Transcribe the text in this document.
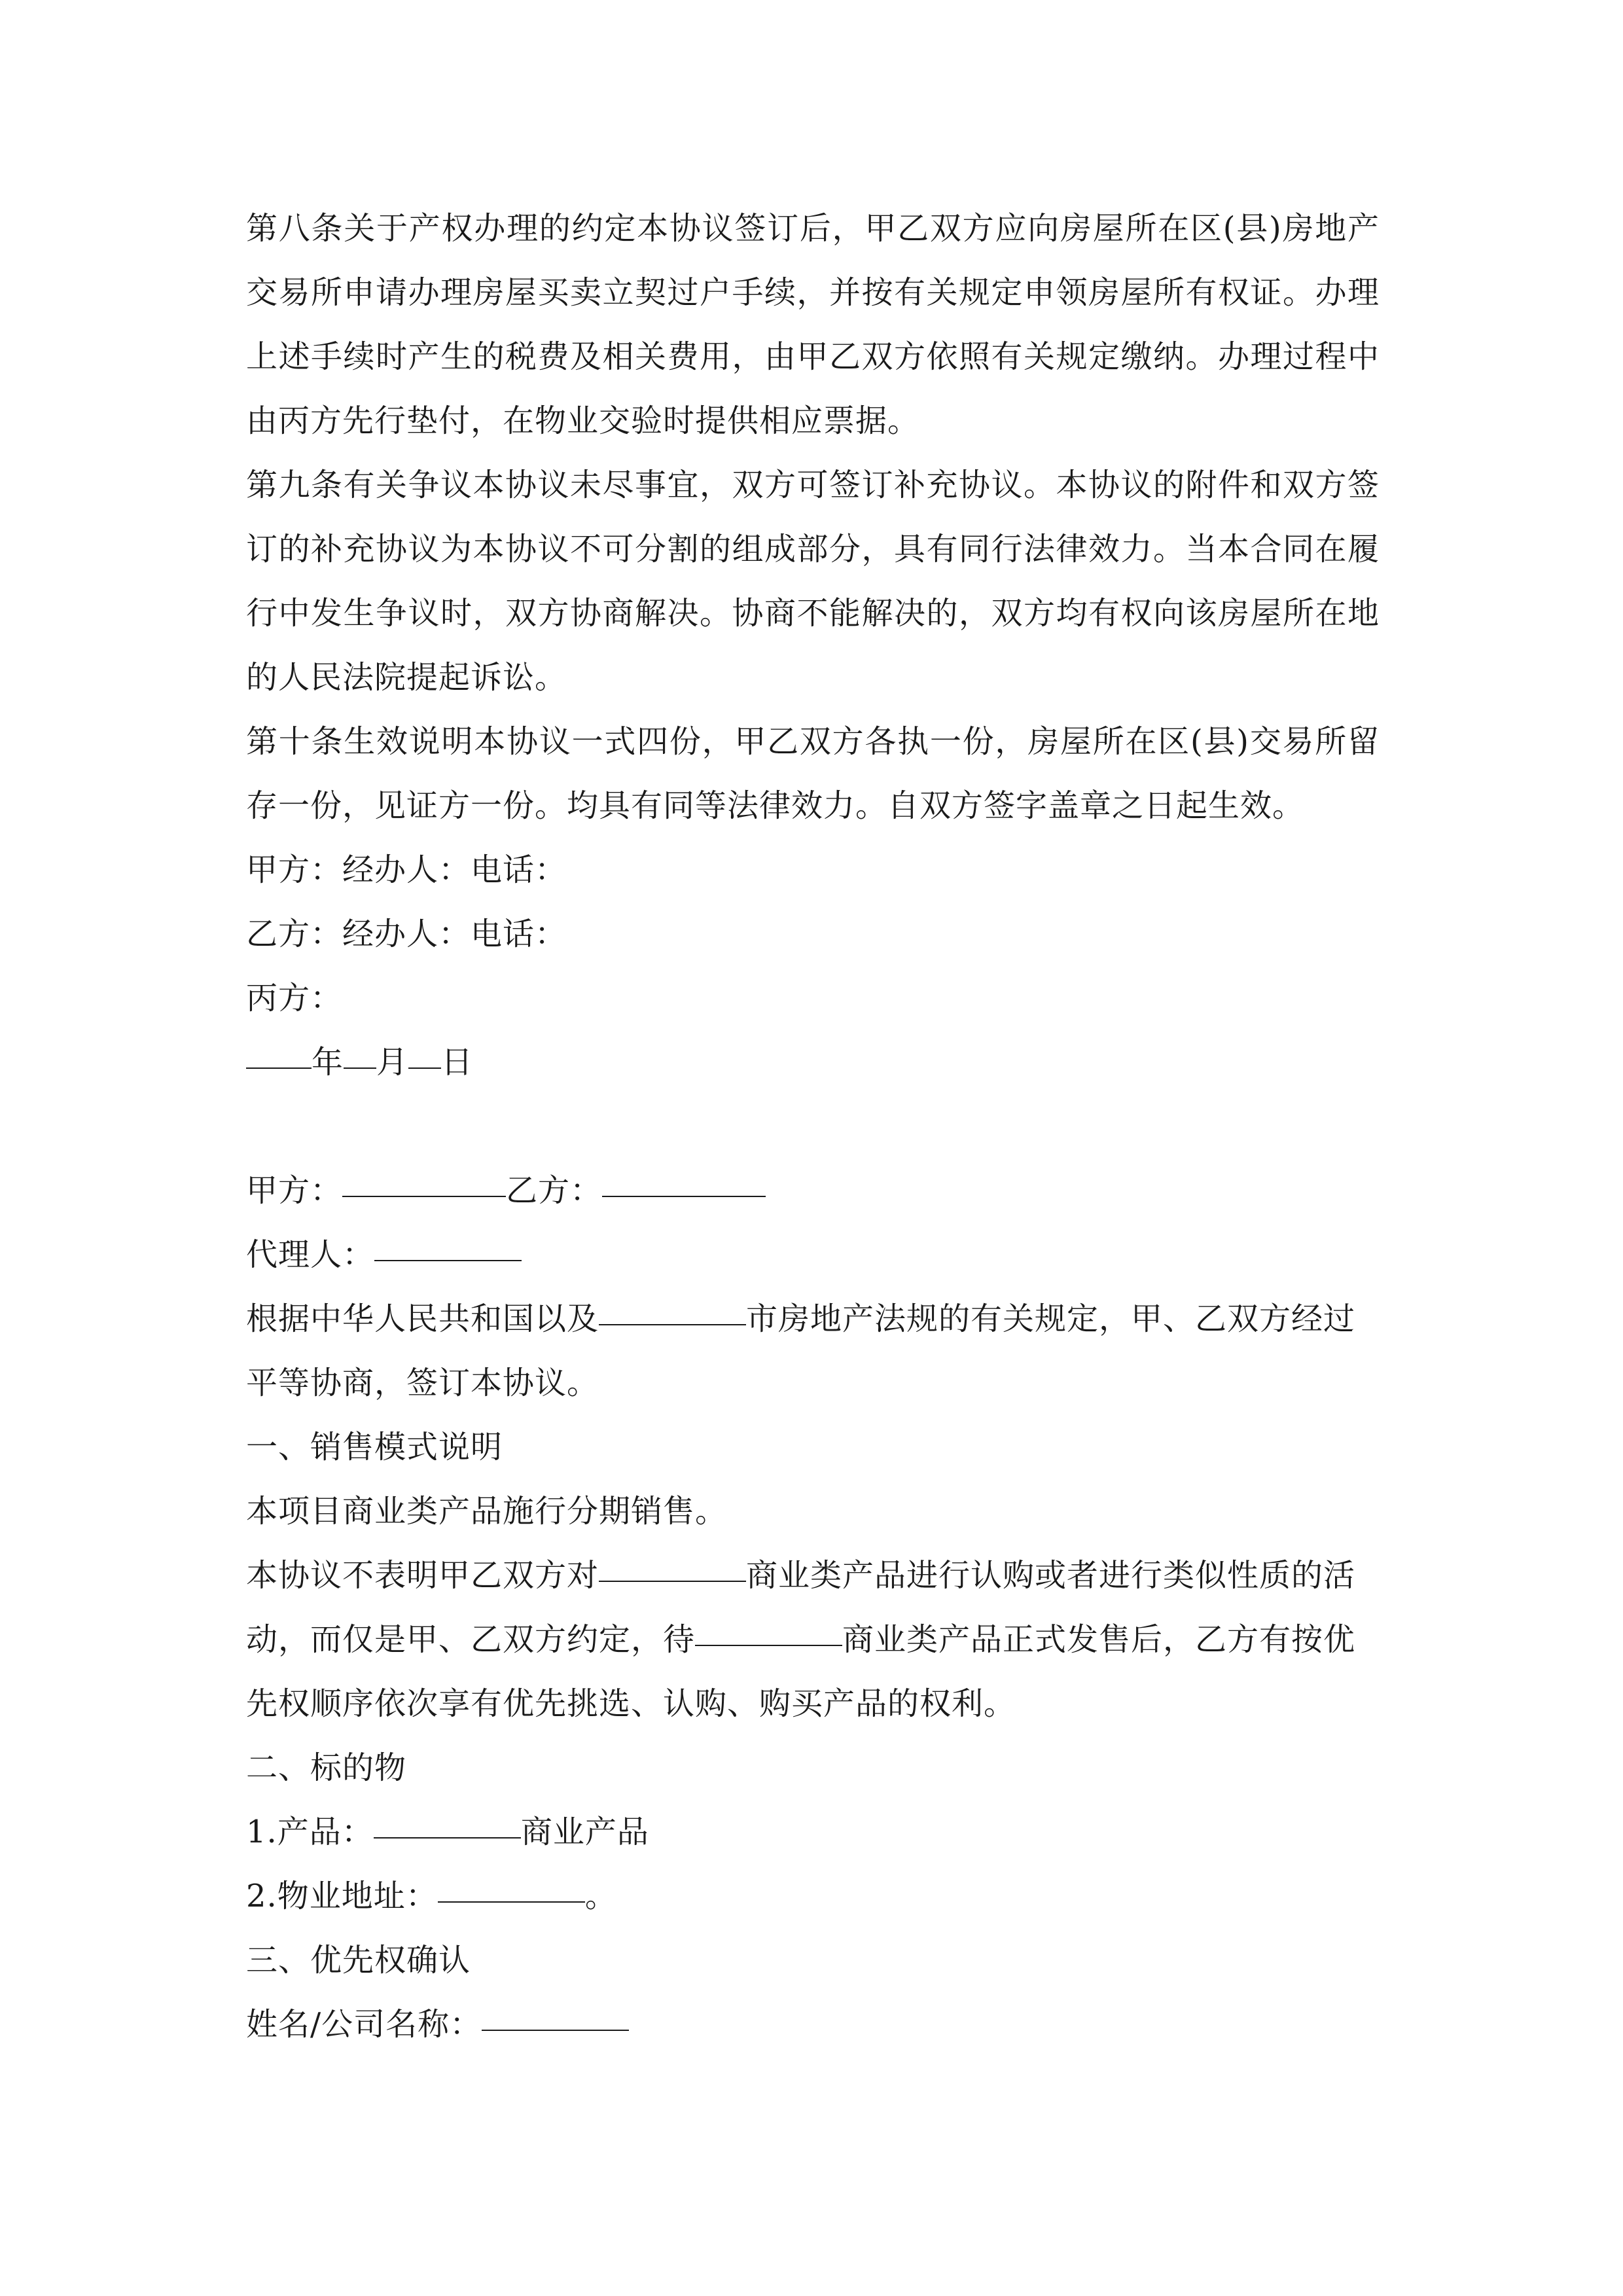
第八条关于产权办理的约定本协议签订后，甲乙双方应向房屋所在区(县)房地产
交易所申请办理房屋买卖立契过户手续，并按有关规定申领房屋所有权证。办理
上述手续时产生的税费及相关费用，由甲乙双方依照有关规定缴纳。办理过程中
由丙方先行垫付，在物业交验时提供相应票据。
第九条有关争议本协议未尽事宜，双方可签订补充协议。本协议的附件和双方签
订的补充协议为本协议不可分割的组成部分，具有同行法律效力。当本合同在履
行中发生争议时，双方协商解决。协商不能解决的，双方均有权向该房屋所在地
的人民法院提起诉讼。
第十条生效说明本协议一式四份，甲乙双方各执一份，房屋所在区(县)交易所留
存一份，见证方一份。均具有同等法律效力。自双方签字盖章之日起生效。
甲方：经办人：电话：
乙方：经办人：电话：
丙方：
年 月 日
甲方：	乙方：
代理人：
根据中华人民共和国以及	市房地产法规的有关规定，甲、乙双方经过
平等协商，签订本协议。
一、销售模式说明
本项目商业类产品施行分期销售。
本协议不表明甲乙双方对	商业类产品进行认购或者进行类似性质的活
动，而仅是甲、乙双方约定，待	商业类产品正式发售后，乙方有按优
先权顺序依次享有优先挑选、认购、购买产品的权利。
二、标的物
1.产品：	商业产品
2.物业地址：	。
三、优先权确认
姓名/公司名称：
